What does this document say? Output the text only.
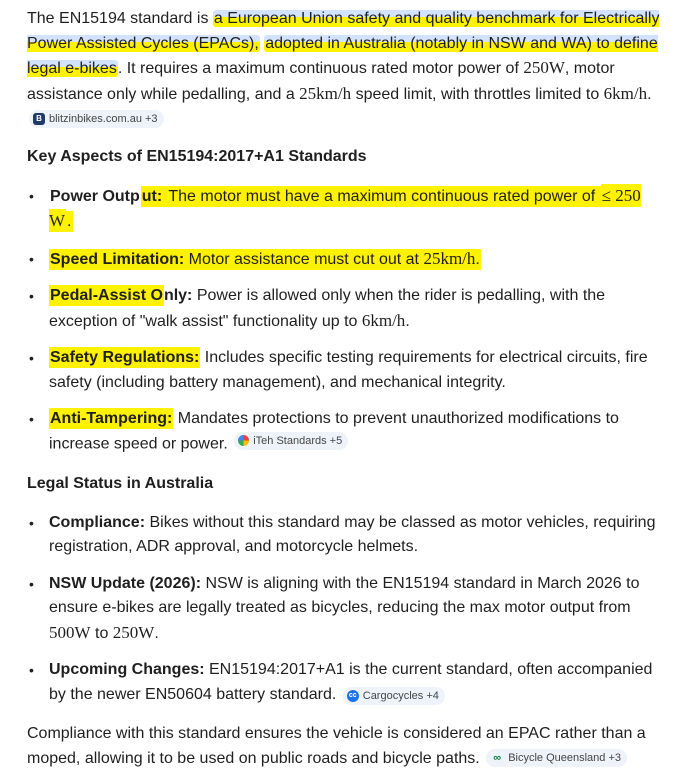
The EN15194 standard is a European Union safety and quality benchmark for Electrically Power Assisted Cycles (EPACs), adopted in Australia (notably in NSW and WA) to define legal e-bikes. It requires a maximum continuous rated motor power of 250W, motor assistance only while pedalling, and a 25km/h speed limit, with throttles limited to 6km/h.
B blitzinbikes.com.au +3

Key Aspects of EN15194:2017+A1 Standards
• Power Outp ut: The motor must have a maximum continuous rated power of ≤ 250 W .
• Speed Limitation: Motor assistance must cut out at 25km/h.
• Pedal-Assist Only: Power is allowed only when the rider is pedalling, with the exception of "walk assist" functionality up to 6km/h.
• Safety Regulations: Includes specific testing requirements for electrical circuits, fire safety (including battery management), and mechanical integrity.
• Anti-Tampering: Mandates protections to prevent unauthorized modifications to increase speed or power. iTeh Standards +5
Legal Status in Australia
• Compliance: Bikes without this standard may be classed as motor vehicles, requiring registration, ADR approval, and motorcycle helmets.
• NSW Update (2026): NSW is aligning with the EN15194 standard in March 2026 to ensure e-bikes are legally treated as bicycles, reducing the max motor output from 500W to 250W.
• Upcoming Changes: EN15194:2017+A1 is the current standard, often accompanied by the newer EN50604 battery standard. cc Cargocycles +4

Compliance with this standard ensures the vehicle is considered an EPAC rather than a moped, allowing it to be used on public roads and bicycle paths. ∞ Bicycle Queensland +3
